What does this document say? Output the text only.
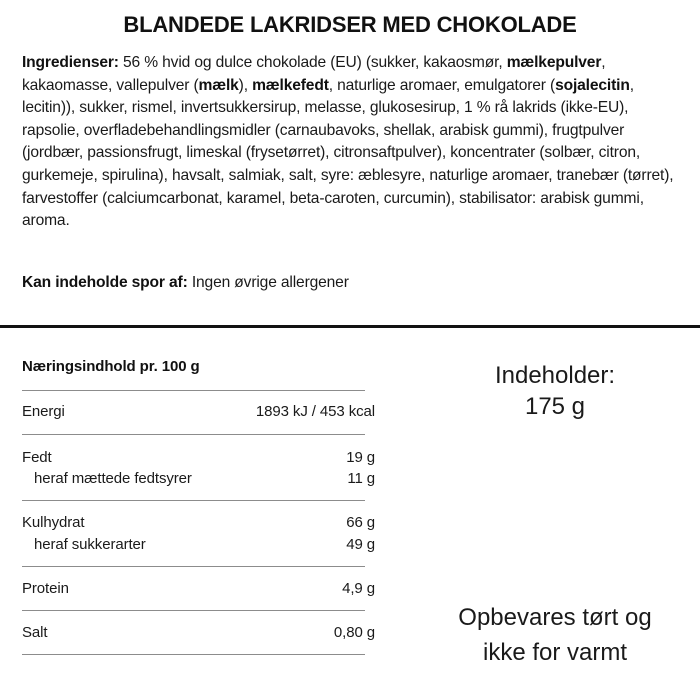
BLANDEDE LAKRIDSER MED CHOKOLADE

Ingredienser: 56 % hvid og dulce chokolade (EU) (sukker, kakaosmør, mælkepulver, kakaomasse, vallepulver (mælk), mælkefedt, naturlige aromaer, emulgatorer (sojalecitin, lecitin)), sukker, rismel, invertsukkersirup, melasse, glukosesirup, 1 % rå lakrids (ikke-EU), rapsolie, overfladebehandlingsmidler (carnaubavoks, shellak, arabisk gummi), frugtpulver (jordbær, passionsfrugt, limeskal (frysetørret), citronsaftpulver), koncentrater (solbær, citron, gurkemeje, spirulina), havsalt, salmiak, salt, syre: æblesyre, naturlige aromaer, tranebær (tørret), farvestoffer (calciumcarbonat, karamel, beta-caroten, curcumin), stabilisator: arabisk gummi, aroma.

Kan indeholde spor af: Ingen øvrige allergener

Næringsindhold pr. 100 g
Energi	1893 kJ / 453 kcal
Fedt	19 g
heraf mættede fedtsyrer	11 g
Kulhydrat	66 g
heraf sukkerarter	49 g
Protein	4,9 g
Salt	0,80 g
Indeholder:
175 g
Opbevares tørt og
ikke for varmt
